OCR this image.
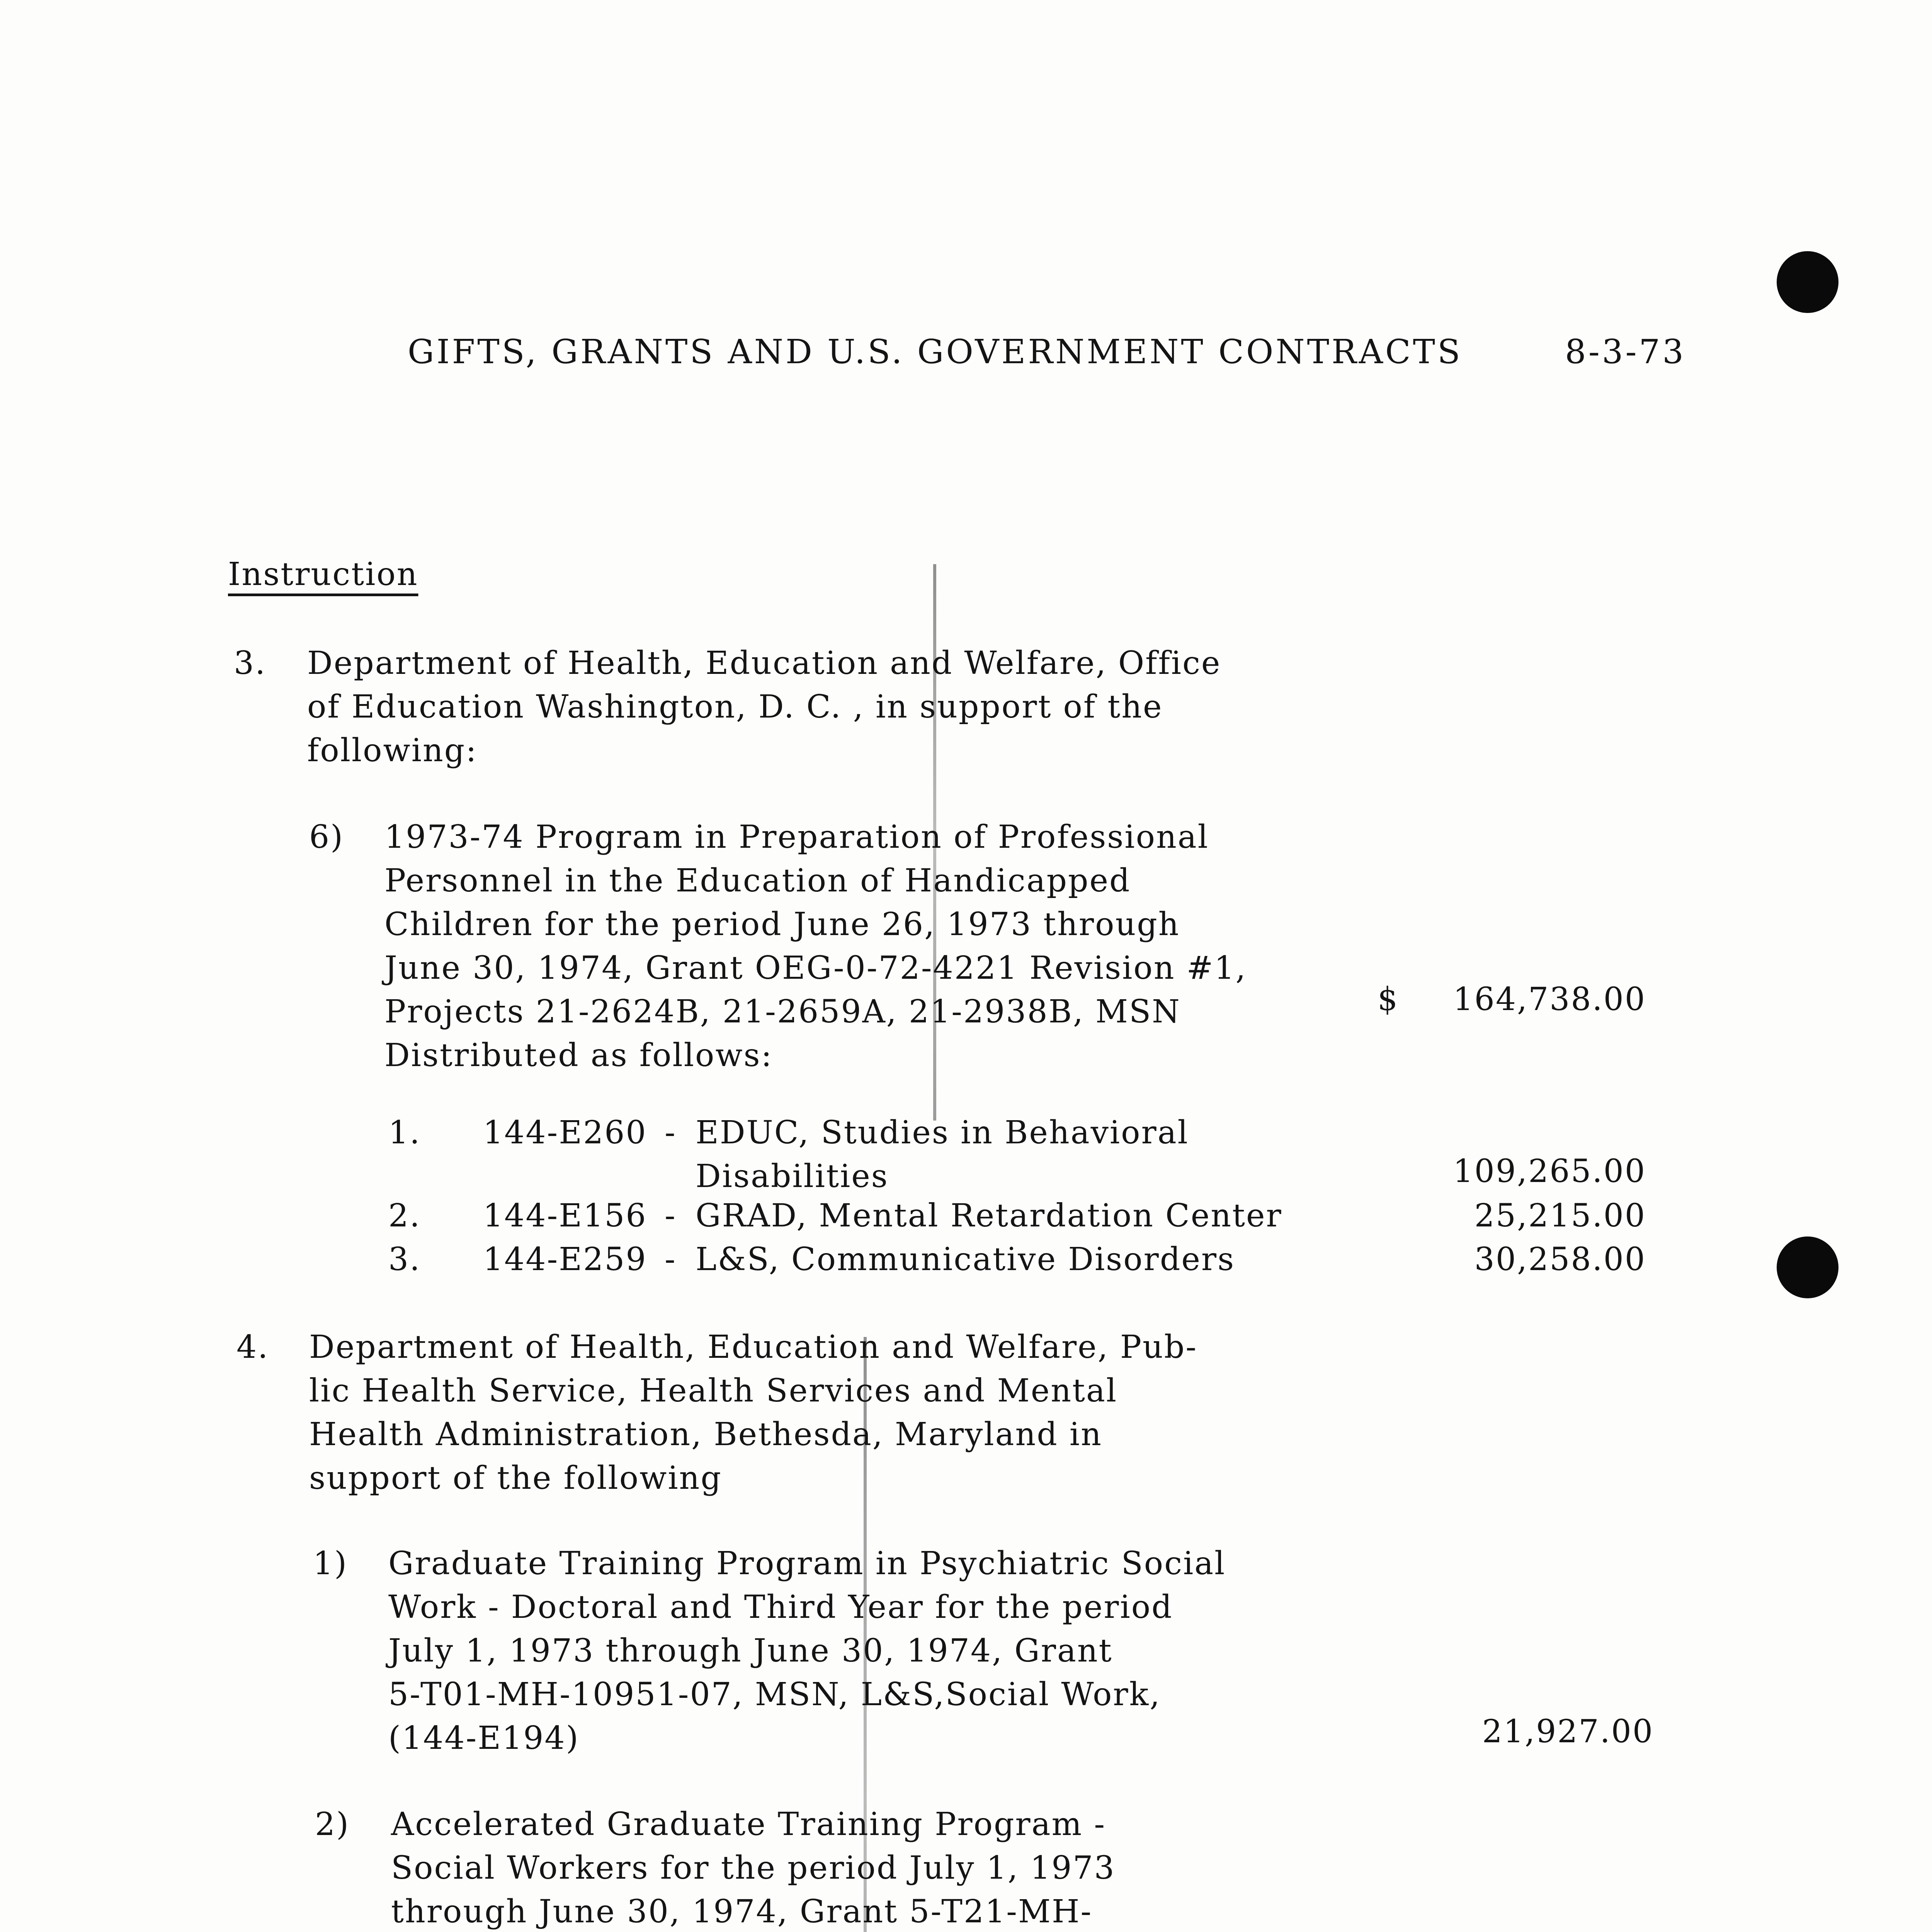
GIFTS, GRANTS AND U.S. GOVERNMENT CONTRACTS	8-3-73
Instruction
3. Department of Health, Education and Welfare, Office
of Education Washington, D. C. , in support of the
following:
6) 1973-74 Program in Preparation of Professional
Personnel in the Education of Handicapped
Children for the period June 26, 1973 through
June 30, 1974, Grant OEG-0-72-4221 Revision #1,
Projects 21-2624B, 21-2659A, 21-2938B, MSN
Distributed as follows:
$	164,738.00
1. 144-E260 - EDUC, Studies in Behavioral
Disabilities	109,265.00
2. 144-E156 - GRAD, Mental Retardation Center	25,215.00
3. 144-E259 - L&S, Communicative Disorders	30,258.00
4. Department of Health, Education and Welfare, Pub-
lic Health Service, Health Services and Mental
Health Administration, Bethesda, Maryland in
support of the following
1) Graduate Training Program in Psychiatric Social
Work - Doctoral and Third Year for the period
July 1, 1973 through June 30, 1974, Grant
5-T01-MH-10951-07, MSN, L&S,Social Work,
(144-E194)	21,927.00
2) Accelerated Graduate Training Program -
Social Workers for the period July 1, 1973
through June 30, 1974, Grant 5-T21-MH-
